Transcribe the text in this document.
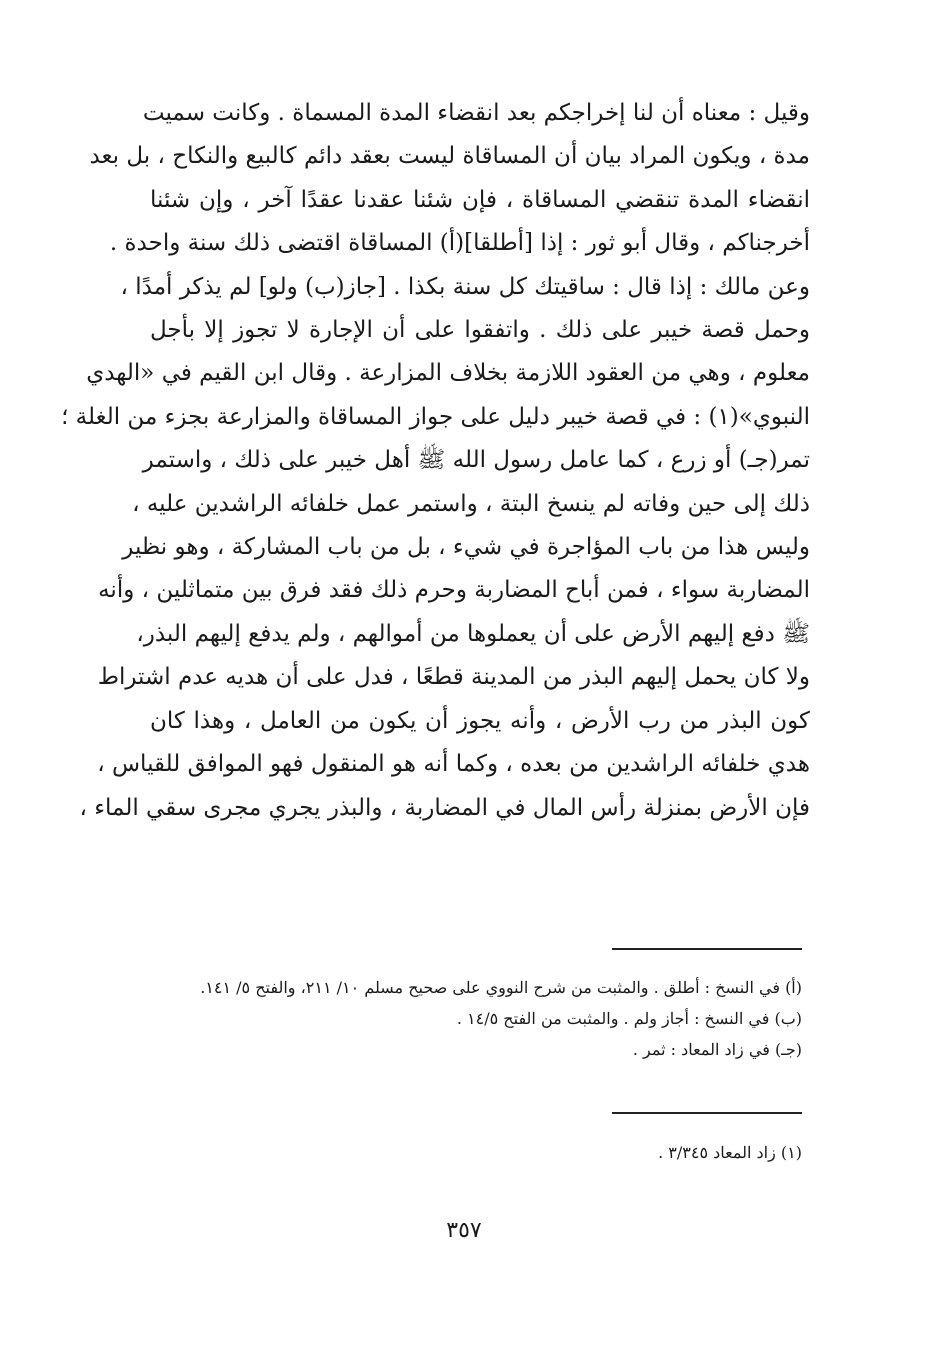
وقيل : معناه أن لنا إخراجكم بعد انقضاء المدة المسماة . وكانت سميت
مدة ، ويكون المراد بيان أن المساقاة ليست بعقد دائم كالبيع والنكاح ، بل بعد
انقضاء المدة تنقضي المساقاة ، فإن شئنا عقدنا عقدًا آخر ، وإن شئنا
أخرجناكم ، وقال أبو ثور : إذا [أطلقا](أ) المساقاة اقتضى ذلك سنة واحدة .
وعن مالك : إذا قال : ساقيتك كل سنة بكذا . [جاز(ب) ولو] لم يذكر أمدًا ،
وحمل قصة خيبر على ذلك . واتفقوا على أن الإجارة لا تجوز إلا بأجل
معلوم ، وهي من العقود اللازمة بخلاف المزارعة . وقال ابن القيم في «الهدي
النبوي»(١) : في قصة خيبر دليل على جواز المساقاة والمزارعة بجزء من الغلة ؛
تمر(جـ) أو زرع ، كما عامل رسول الله ﷺ أهل خيبر على ذلك ، واستمر
ذلك إلى حين وفاته لم ينسخ البتة ، واستمر عمل خلفائه الراشدين عليه ،
وليس هذا من باب المؤاجرة في شيء ، بل من باب المشاركة ، وهو نظير
المضاربة سواء ، فمن أباح المضاربة وحرم ذلك فقد فرق بين متماثلين ، وأنه
ﷺ دفع إليهم الأرض على أن يعملوها من أموالهم ، ولم يدفع إليهم البذر،
ولا كان يحمل إليهم البذر من المدينة قطعًا ، فدل على أن هديه عدم اشتراط
كون البذر من رب الأرض ، وأنه يجوز أن يكون من العامل ، وهذا كان
هدي خلفائه الراشدين من بعده ، وكما أنه هو المنقول فهو الموافق للقياس ،
فإن الأرض بمنزلة رأس المال في المضاربة ، والبذر يجري مجرى سقي الماء ،
(أ) في النسخ : أطلق . والمثبت من شرح النووي على صحيح مسلم ١٠/ ٢١١، والفتح ٥/ ١٤١.
(ب) في النسخ : أجاز ولم . والمثبت من الفتح ١٤/٥ .
(جـ) في زاد المعاد : ثمر .
(١) زاد المعاد ٣/٣٤٥ .
٣٥٧
